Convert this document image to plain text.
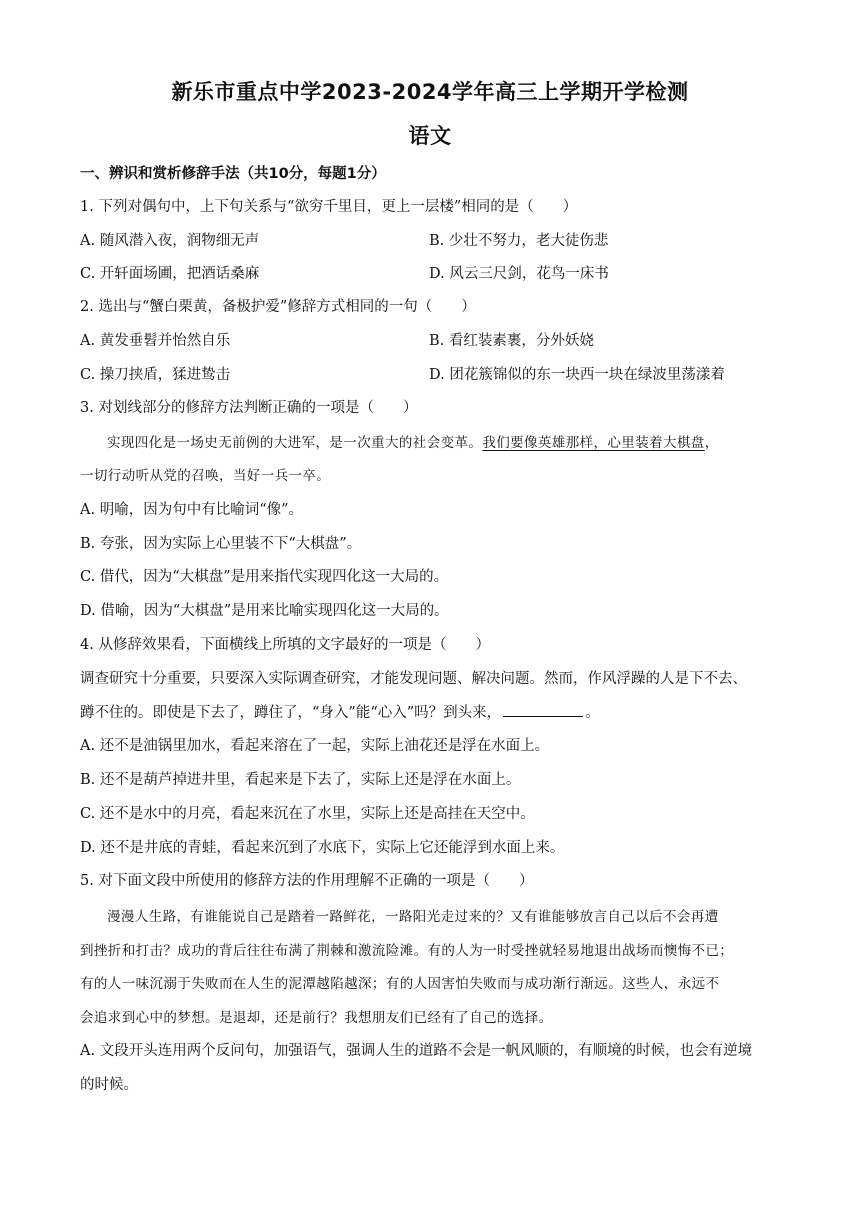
新乐市重点中学2023-2024学年高三上学期开学检测
语文
一、辨识和赏析修辞手法（共10分，每题1分）
1. 下列对偶句中，上下句关系与“欲穷千里目，更上一层楼”相同的是（　　）
A. 随风潜入夜，润物细无声	B. 少壮不努力，老大徒伤悲
C. 开轩面场圃，把酒话桑麻	D. 风云三尺剑，花鸟一床书
2. 选出与“蟹白栗黄，备极护爱”修辞方式相同的一句（　　）
A. 黄发垂髫并怡然自乐	B. 看红装素裹，分外妖娆
C. 操刀挟盾，猱进鸷击	D. 团花簇锦似的东一块西一块在绿波里荡漾着
3. 对划线部分的修辞方法判断正确的一项是（　　）
实现四化是一场史无前例的大进军，是一次重大的社会变革。我们要像英雄那样，心里装着大棋盘，
一切行动听从党的召唤，当好一兵一卒。
A. 明喻，因为句中有比喻词“像”。
B. 夸张，因为实际上心里装不下“大棋盘”。
C. 借代，因为“大棋盘”是用来指代实现四化这一大局的。
D. 借喻，因为“大棋盘”是用来比喻实现四化这一大局的。
4. 从修辞效果看，下面横线上所填的文字最好的一项是（　　）
调查研究十分重要，只要深入实际调查研究，才能发现问题、解决问题。然而，作风浮躁的人是下不去、
蹲不住的。即使是下去了，蹲住了，“身入”能“心入”吗？到头来，	。
A. 还不是油锅里加水，看起来溶在了一起，实际上油花还是浮在水面上。
B. 还不是葫芦掉进井里，看起来是下去了，实际上还是浮在水面上。
C. 还不是水中的月亮，看起来沉在了水里，实际上还是高挂在天空中。
D. 还不是井底的青蛙，看起来沉到了水底下，实际上它还能浮到水面上来。
5. 对下面文段中所使用的修辞方法的作用理解不正确的一项是（　　）
漫漫人生路，有谁能说自己是踏着一路鲜花，一路阳光走过来的？又有谁能够放言自己以后不会再遭
到挫折和打击？成功的背后往往布满了荆棘和激流险滩。有的人为一时受挫就轻易地退出战场而懊悔不已；
有的人一味沉溺于失败而在人生的泥潭越陷越深；有的人因害怕失败而与成功渐行渐远。这些人，永远不
会追求到心中的梦想。是退却，还是前行？我想朋友们已经有了自己的选择。
A. 文段开头连用两个反问句，加强语气，强调人生的道路不会是一帆风顺的，有顺境的时候，也会有逆境
的时候。
